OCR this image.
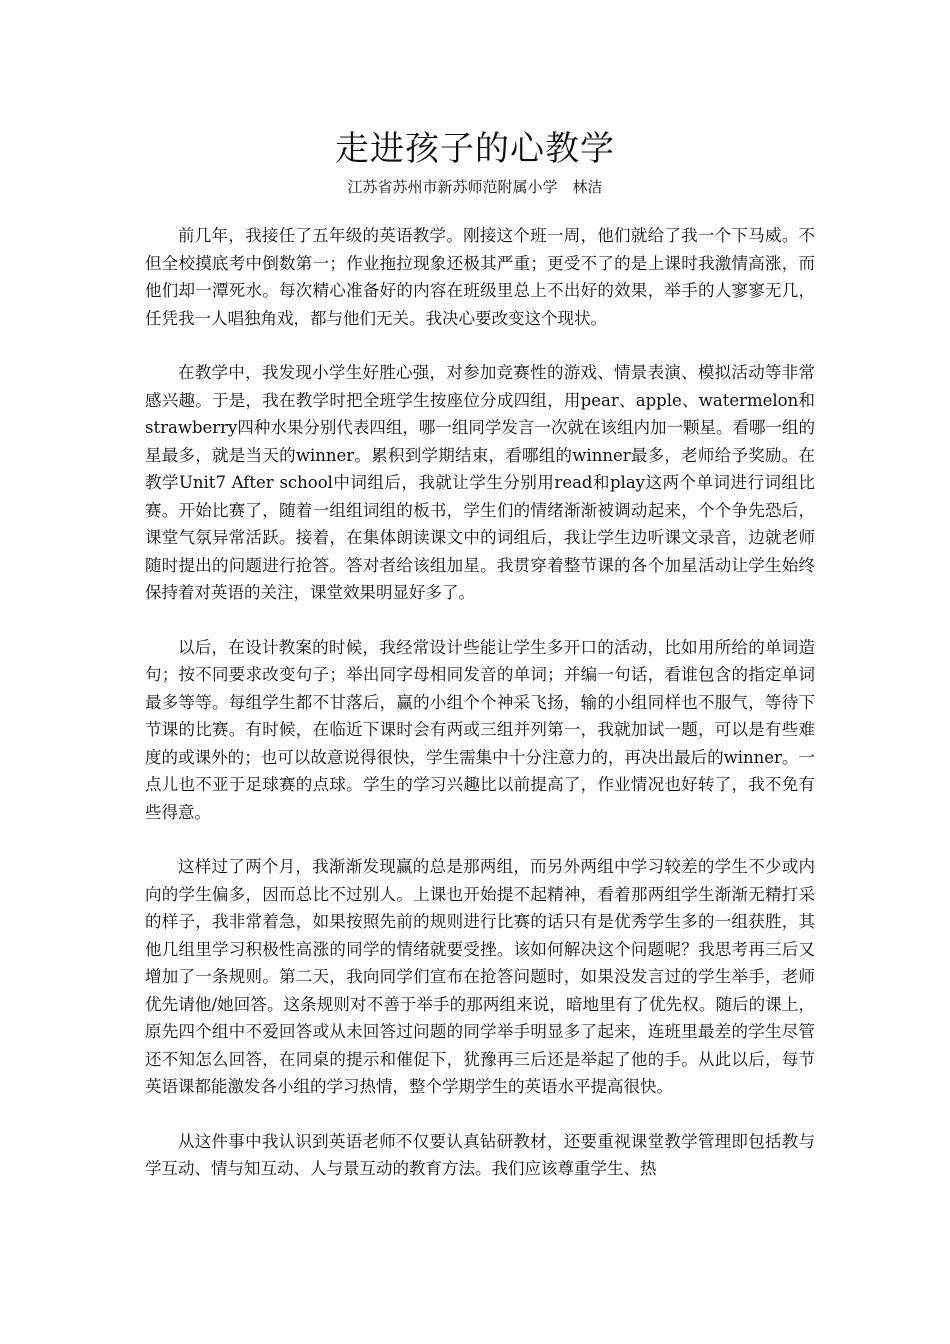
走进孩子的心教学

江苏省苏州市新苏师范附属小学　林洁

前几年，我接任了五年级的英语教学。刚接这个班一周，他们就给了我一个下马威。不但全校摸底考中倒数第一；作业拖拉现象还极其严重；更受不了的是上课时我激情高涨，而他们却一潭死水。每次精心准备好的内容在班级里总上不出好的效果，举手的人寥寥无几，任凭我一人唱独角戏，都与他们无关。我决心要改变这个现状。

在教学中，我发现小学生好胜心强，对参加竞赛性的游戏、情景表演、模拟活动等非常感兴趣。于是，我在教学时把全班学生按座位分成四组，用pear、apple、watermelon和strawberry四种水果分别代表四组，哪一组同学发言一次就在该组内加一颗星。看哪一组的星最多，就是当天的winner。累积到学期结束，看哪组的winner最多，老师给予奖励。在教学Unit7 After school中词组后，我就让学生分别用read和play这两个单词进行词组比赛。开始比赛了，随着一组组词组的板书，学生们的情绪渐渐被调动起来，个个争先恐后，课堂气氛异常活跃。接着，在集体朗读课文中的词组后，我让学生边听课文录音，边就老师随时提出的问题进行抢答。答对者给该组加星。我贯穿着整节课的各个加星活动让学生始终保持着对英语的关注，课堂效果明显好多了。

以后，在设计教案的时候，我经常设计些能让学生多开口的活动，比如用所给的单词造句；按不同要求改变句子；举出同字母相同发音的单词；并编一句话，看谁包含的指定单词最多等等。每组学生都不甘落后，赢的小组个个神采飞扬，输的小组同样也不服气，等待下节课的比赛。有时候，在临近下课时会有两或三组并列第一，我就加试一题，可以是有些难度的或课外的；也可以故意说得很快，学生需集中十分注意力的，再决出最后的winner。一点儿也不亚于足球赛的点球。学生的学习兴趣比以前提高了，作业情况也好转了，我不免有些得意。

这样过了两个月，我渐渐发现赢的总是那两组，而另外两组中学习较差的学生不少或内向的学生偏多，因而总比不过别人。上课也开始提不起精神，看着那两组学生渐渐无精打采的样子，我非常着急，如果按照先前的规则进行比赛的话只有是优秀学生多的一组获胜，其他几组里学习积极性高涨的同学的情绪就要受挫。该如何解决这个问题呢？我思考再三后又增加了一条规则。第二天，我向同学们宣布在抢答问题时，如果没发言过的学生举手，老师优先请他/她回答。这条规则对不善于举手的那两组来说，暗地里有了优先权。随后的课上，原先四个组中不爱回答或从未回答过问题的同学举手明显多了起来，连班里最差的学生尽管还不知怎么回答，在同桌的提示和催促下，犹豫再三后还是举起了他的手。从此以后，每节英语课都能激发各小组的学习热情，整个学期学生的英语水平提高很快。

从这件事中我认识到英语老师不仅要认真钻研教材，还要重视课堂教学管理即包括教与学互动、情与知互动、人与景互动的教育方法。我们应该尊重学生、热
